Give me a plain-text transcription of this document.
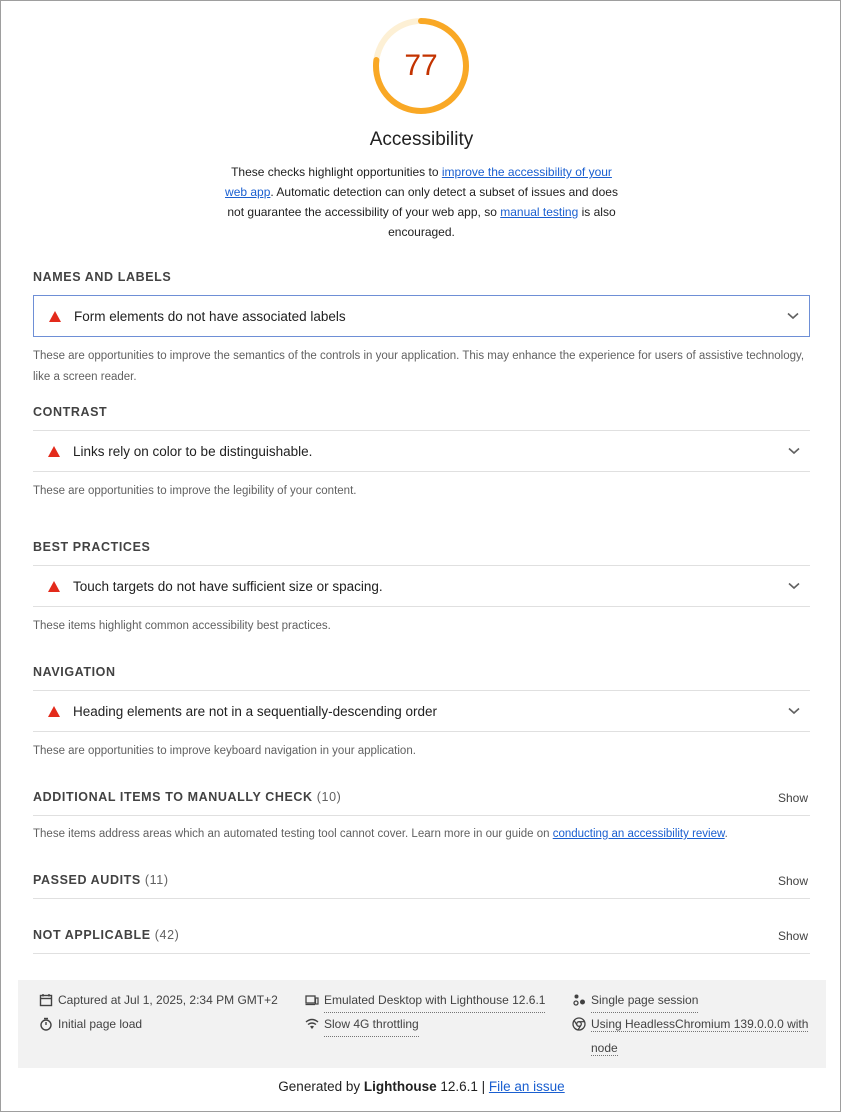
77
Accessibility
These checks highlight opportunities to improve the accessibility of your web app. Automatic detection can only detect a subset of issues and does not guarantee the accessibility of your web app, so manual testing is also encouraged.
NAMES AND LABELS
Form elements do not have associated labels
These are opportunities to improve the semantics of the controls in your application. This may enhance the experience for users of assistive technology, like a screen reader.
CONTRAST
Links rely on color to be distinguishable.
These are opportunities to improve the legibility of your content.
BEST PRACTICES
Touch targets do not have sufficient size or spacing.
These items highlight common accessibility best practices.
NAVIGATION
Heading elements are not in a sequentially-descending order
These are opportunities to improve keyboard navigation in your application.
ADDITIONAL ITEMS TO MANUALLY CHECK (10)	Show
These items address areas which an automated testing tool cannot cover. Learn more in our guide on conducting an accessibility review.
PASSED AUDITS (11)	Show
NOT APPLICABLE (42)	Show
Captured at Jul 1, 2025, 2:34 PM GMT+2
Initial page load
Emulated Desktop with Lighthouse 12.6.1
Slow 4G throttling
Single page session
Using HeadlessChromium 139.0.0.0 with
node
Generated by Lighthouse 12.6.1 | File an issue
